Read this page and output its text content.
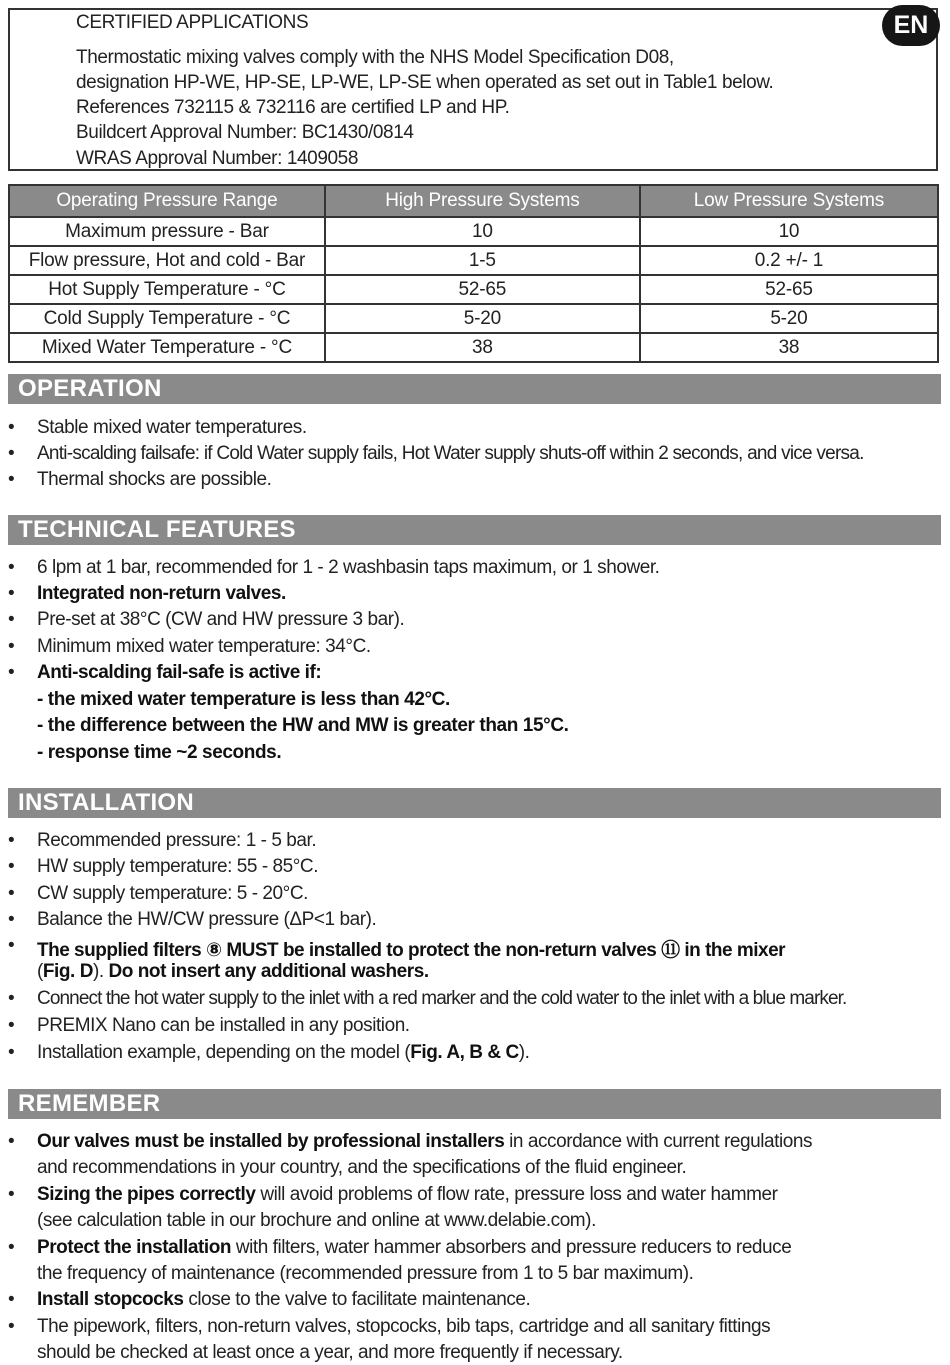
CERTIFIED APPLICATIONS
Thermostatic mixing valves comply with the NHS Model Specification D08,
designation HP-WE, HP-SE, LP-WE, LP-SE when operated as set out in Table1 below.
References 732115 & 732116 are certified LP and HP.
Buildcert Approval Number: BC1430/0814
WRAS Approval Number: 1409058
EN
Operating Pressure Range	High Pressure Systems	Low Pressure Systems
Maximum pressure - Bar	10	10
Flow pressure, Hot and cold - Bar	1-5	0.2 +/- 1
Hot Supply Temperature - °C	52-65	52-65
Cold Supply Temperature - °C	5-20	5-20
Mixed Water Temperature - °C	38	38
OPERATION
•	Stable mixed water temperatures.
•	Anti-scalding failsafe: if Cold Water supply fails, Hot Water supply shuts-off within 2 seconds, and vice versa.
•	Thermal shocks are possible.
TECHNICAL FEATURES
•	6 lpm at 1 bar, recommended for 1 - 2 washbasin taps maximum, or 1 shower.
•	Integrated non-return valves.
•	Pre-set at 38°C (CW and HW pressure 3 bar).
•	Minimum mixed water temperature: 34°C.
•	Anti-scalding fail-safe is active if:
- the mixed water temperature is less than 42°C.
- the difference between the HW and MW is greater than 15°C.
- response time ~2 seconds.
INSTALLATION
•	Recommended pressure: 1 - 5 bar.
•	HW supply temperature: 55 - 85°C.
•	CW supply temperature: 5 - 20°C.
•	Balance the HW/CW pressure (ΔP<1 bar).
•	The supplied filters ⑧ MUST be installed to protect the non-return valves ⑪ in the mixer
(Fig. D). Do not insert any additional washers.
•	Connect the hot water supply to the inlet with a red marker and the cold water to the inlet with a blue marker.
•	PREMIX Nano can be installed in any position.
•	Installation example, depending on the model (Fig. A, B & C).
REMEMBER
•	Our valves must be installed by professional installers in accordance with current regulations
and recommendations in your country, and the specifications of the fluid engineer.
•	Sizing the pipes correctly will avoid problems of flow rate, pressure loss and water hammer
(see calculation table in our brochure and online at www.delabie.com).
•	Protect the installation with filters, water hammer absorbers and pressure reducers to reduce
the frequency of maintenance (recommended pressure from 1 to 5 bar maximum).
•	Install stopcocks close to the valve to facilitate maintenance.
•	The pipework, filters, non-return valves, stopcocks, bib taps, cartridge and all sanitary fittings
should be checked at least once a year, and more frequently if necessary.
